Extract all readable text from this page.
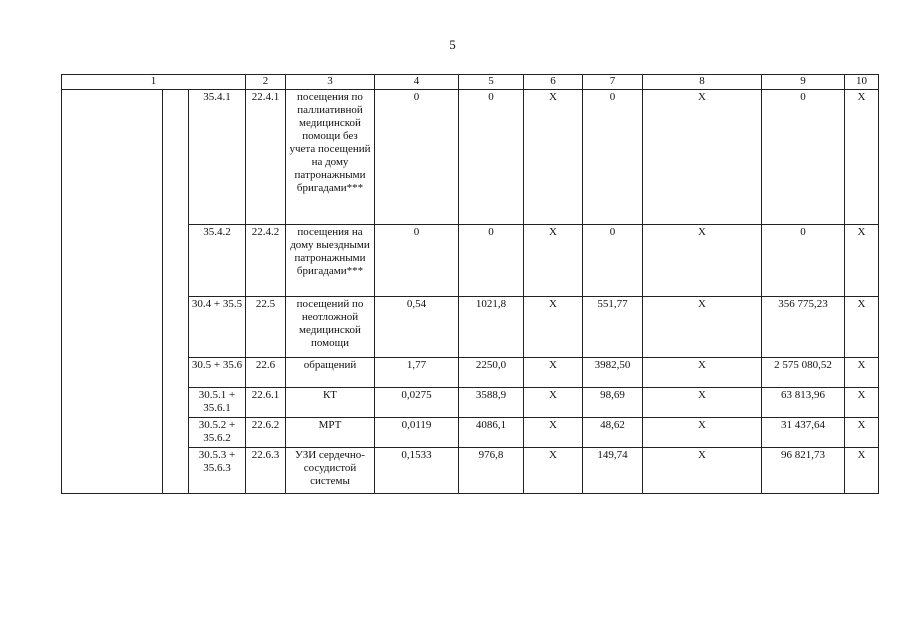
5
1			2	3	4	5	6	7	8	9	10
		35.4.1	22.4.1	посещения по паллиативной медицинской помощи без учета посещений на дому патронажными бригадами***	0	0	Х	0	Х	0	Х
		35.4.2	22.4.2	посещения на дому выездными патронажными бригадами***	0	0	Х	0	Х	0	Х
		30.4 + 35.5	22.5	посещений по неотложной медицинской помощи	0,54	1021,8	Х	551,77	Х	356 775,23	Х
		30.5 + 35.6	22.6	обращений	1,77	2250,0	Х	3982,50	Х	2 575 080,52	Х
		30.5.1 + 35.6.1	22.6.1	КТ	0,0275	3588,9	Х	98,69	Х	63 813,96	Х
		30.5.2 + 35.6.2	22.6.2	МРТ	0,0119	4086,1	Х	48,62	Х	31 437,64	Х
		30.5.3 + 35.6.3	22.6.3	УЗИ сердечно-сосудистой системы	0,1533	976,8	Х	149,74	Х	96 821,73	Х
